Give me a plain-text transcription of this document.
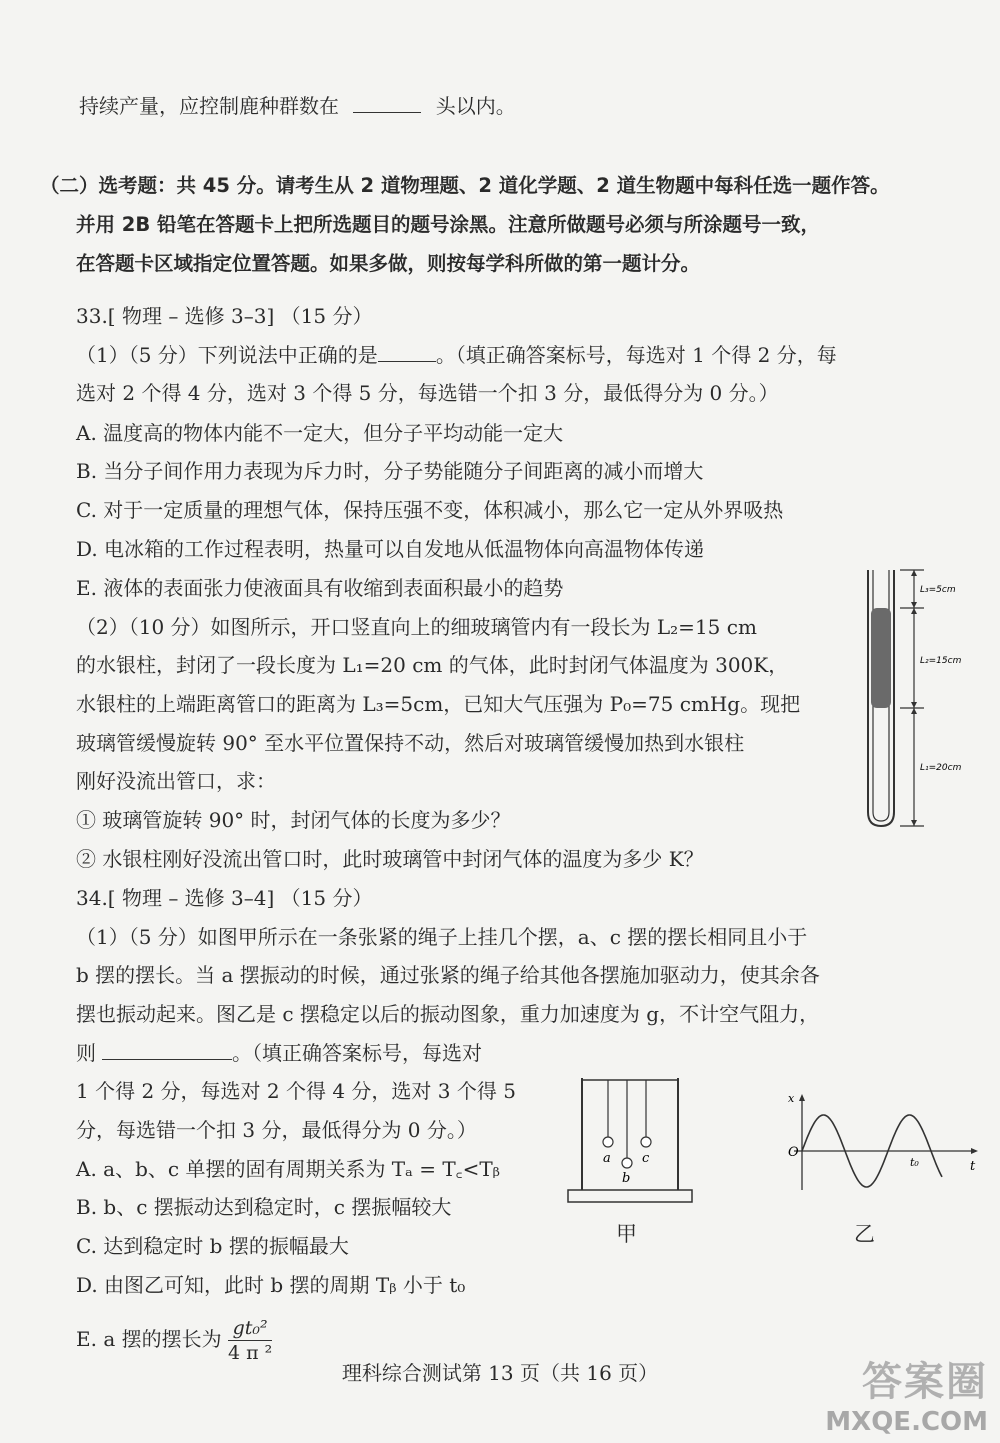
持续产量，应控制鹿种群数在	头以内。
（二）选考题：共 45 分。请考生从 2 道物理题、2 道化学题、2 道生物题中每科任选一题作答。
并用 2B 铅笔在答题卡上把所选题目的题号涂黑。注意所做题号必须与所涂题号一致，
在答题卡区域指定位置答题。如果多做，则按每学科所做的第一题计分。
33.[ 物理 – 选修 3–3] （15 分）
（1）（5 分）下列说法中正确的是	。（填正确答案标号，每选对 1 个得 2 分，每
选对 2 个得 4 分，选对 3 个得 5 分，每选错一个扣 3 分，最低得分为 0 分。）
A. 温度高的物体内能不一定大，但分子平均动能一定大
B. 当分子间作用力表现为斥力时，分子势能随分子间距离的减小而增大
C. 对于一定质量的理想气体，保持压强不变，体积减小，那么它一定从外界吸热
D. 电冰箱的工作过程表明，热量可以自发地从低温物体向高温物体传递
E. 液体的表面张力使液面具有收缩到表面积最小的趋势
（2）（10 分）如图所示，开口竖直向上的细玻璃管内有一段长为 L₂=15 cm
的水银柱，封闭了一段长度为 L₁=20 cm 的气体，此时封闭气体温度为 300K，
水银柱的上端距离管口的距离为 L₃=5cm，已知大气压强为 P₀=75 cmHg。现把
玻璃管缓慢旋转 90° 至水平位置保持不动，然后对玻璃管缓慢加热到水银柱
刚好没流出管口，求：
① 玻璃管旋转 90° 时，封闭气体的长度为多少？
② 水银柱刚好没流出管口时，此时玻璃管中封闭气体的温度为多少 K？
L₃=5cm
L₂=15cm
L₁=20cm
34.[ 物理 – 选修 3–4] （15 分）
（1）（5 分）如图甲所示在一条张紧的绳子上挂几个摆，a、c 摆的摆长相同且小于
b 摆的摆长。当 a 摆振动的时候，通过张紧的绳子给其他各摆施加驱动力，使其余各
摆也振动起来。图乙是 c 摆稳定以后的振动图象，重力加速度为 g，不计空气阻力，
则	。（填正确答案标号，每选对
1 个得 2 分，每选对 2 个得 4 分，选对 3 个得 5
分，每选错一个扣 3 分，最低得分为 0 分。）
A. a、b、c 单摆的固有周期关系为 Tₐ = T꜀<Tᵦ
B. b、c 摆振动达到稳定时，c 摆振幅较大
C. 达到稳定时 b 摆的振幅最大
D. 由图乙可知，此时 b 摆的周期 Tᵦ 小于 t₀
E. a 摆的摆长为 $\frac{\text{gt₀²}}{\text{4 π ²}}$
a
b
c
甲
x
O
t
t₀
乙
理科综合测试第 13 页（共 16 页）	答案圈
MXQE.COM
